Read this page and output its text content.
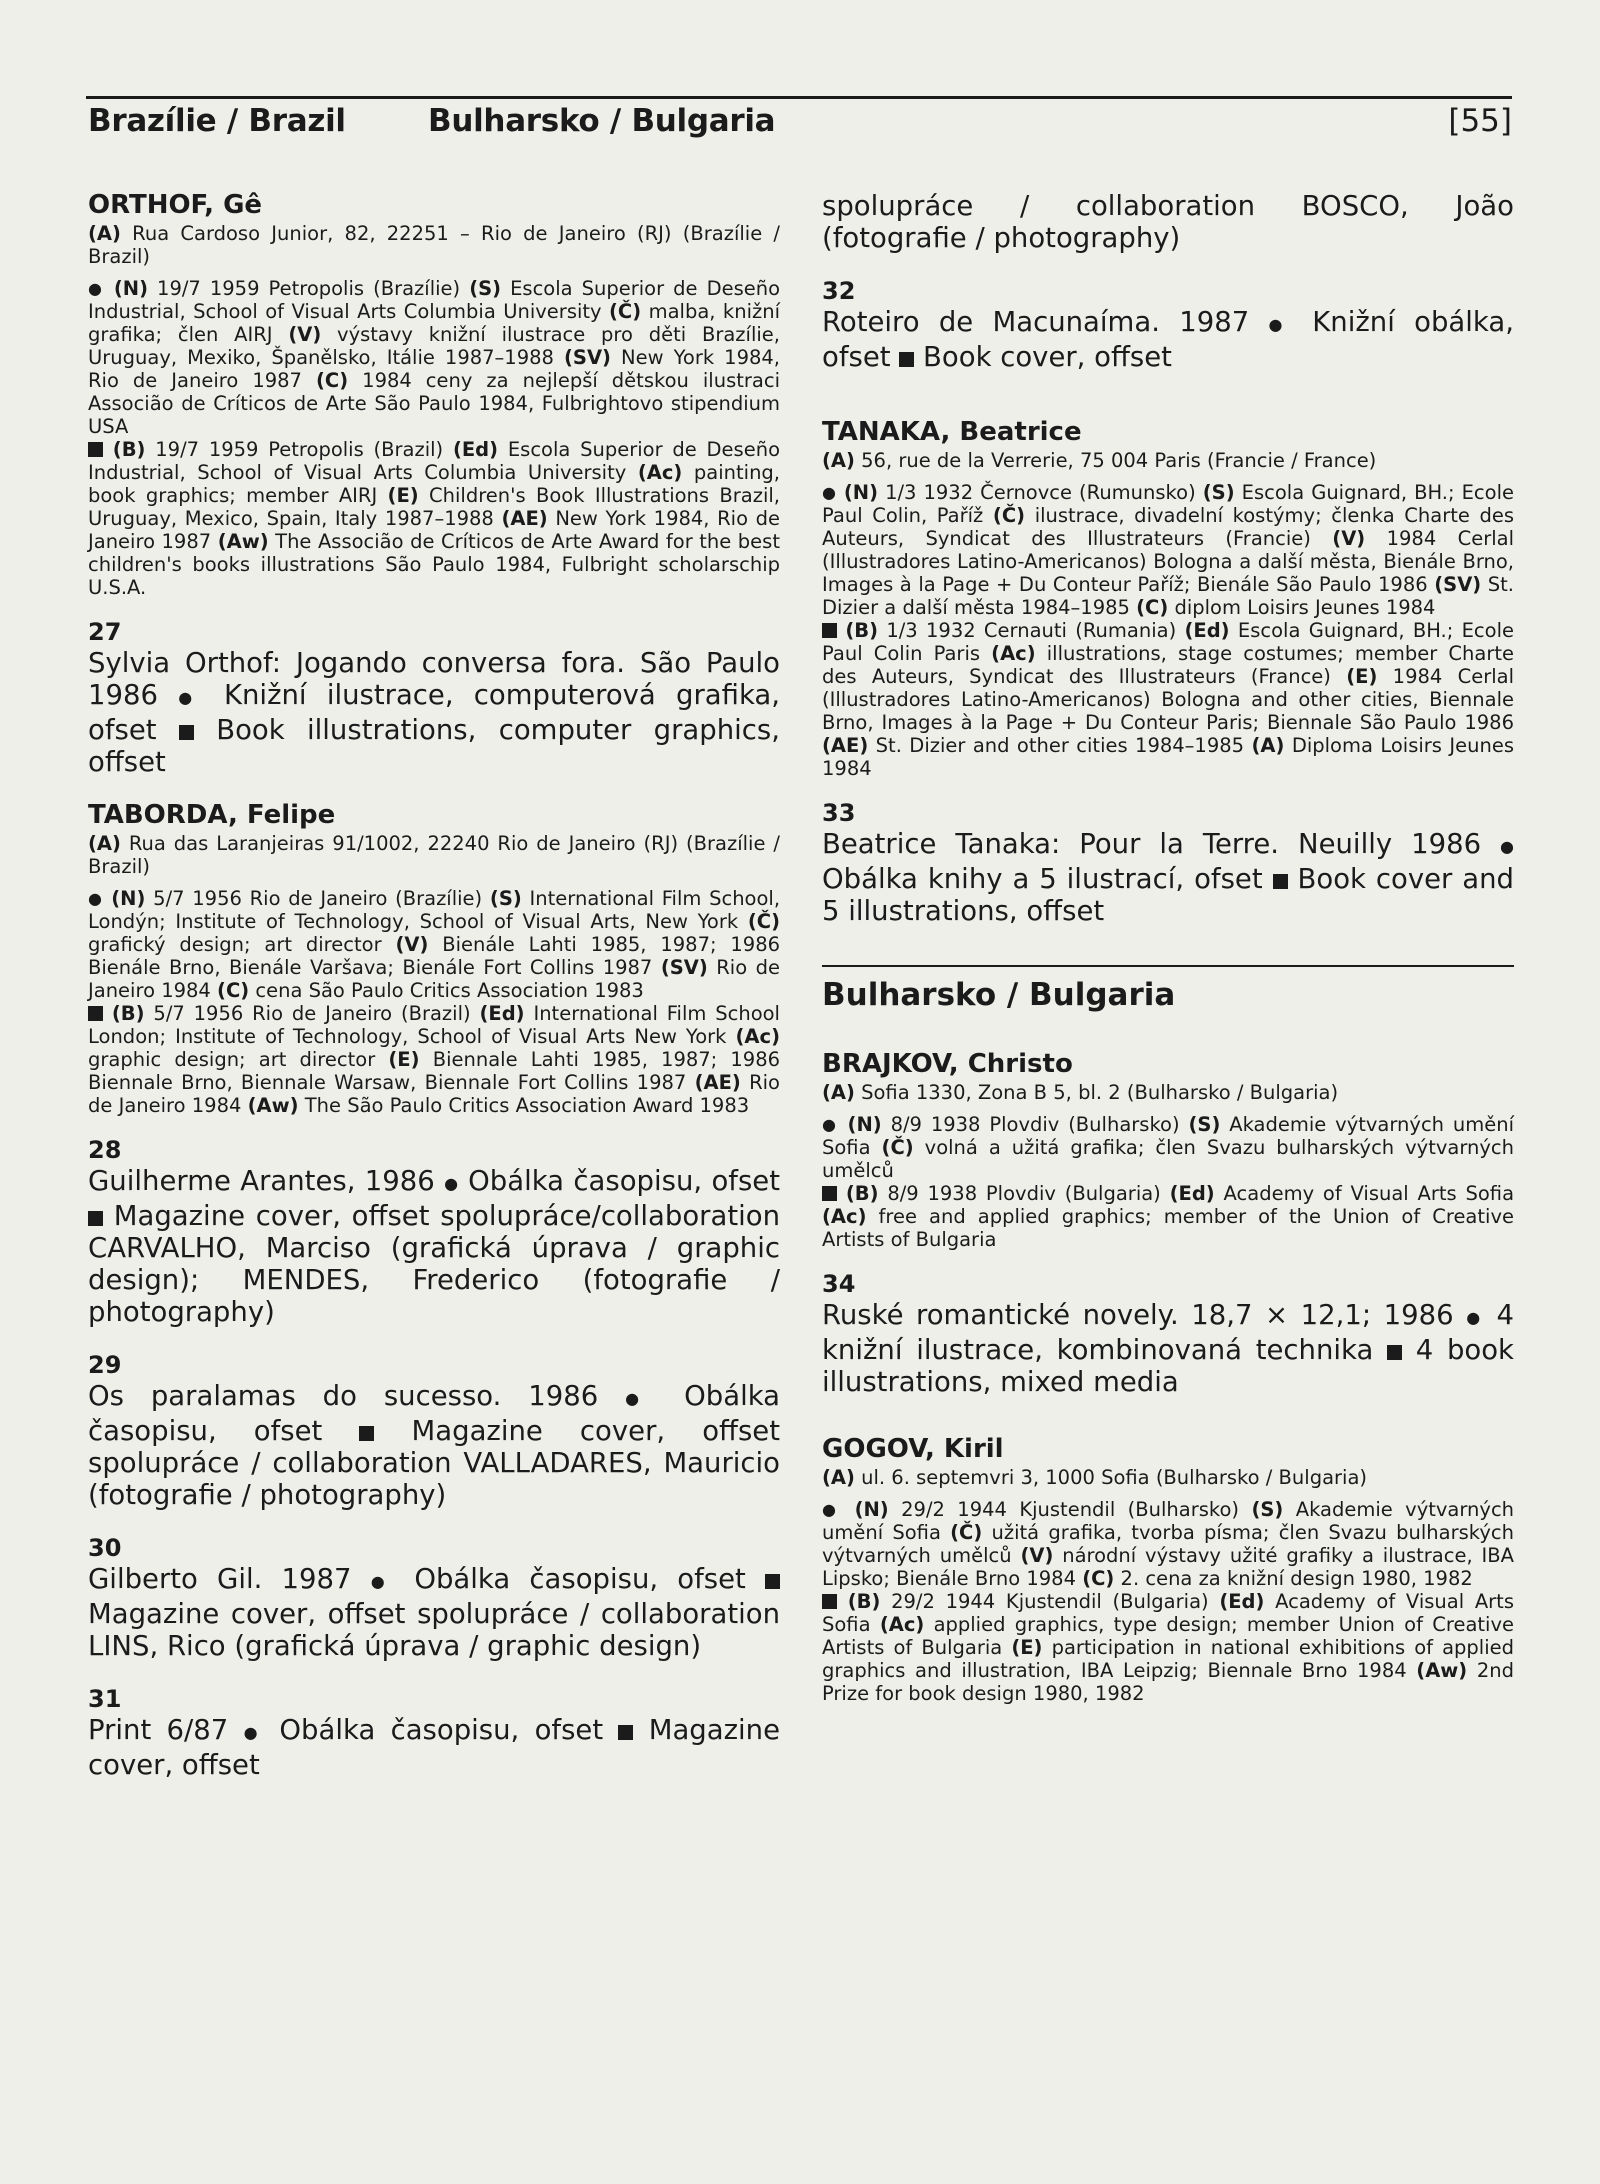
Brazílie / Brazil	Bulharsko / Bulgaria	[55]

ORTHOF, Gê

(A) Rua Cardoso Junior, 82, 22251 – Rio de Janeiro (RJ) (Brazílie / Brazil)

● (N) 19/7 1959 Petropolis (Brazílie) (S) Escola Superior de Deseño Industrial, School of Visual Arts Columbia University (Č) malba, knižní grafika; člen AIRJ (V) výstavy knižní ilustrace pro děti Brazílie, Uruguay, Mexiko, Španělsko, Itálie 1987–1988 (SV) New York 1984, Rio de Janeiro 1987 (C) 1984 ceny za nejlepší dětskou ilustraci Associão de Críticos de Arte São Paulo 1984, Fulbrightovo stipendium USA
(B) 19/7 1959 Petropolis (Brazil) (Ed) Escola Superior de Deseño Industrial, School of Visual Arts Columbia University (Ac) painting, book graphics; member AIRJ (E) Children's Book Illustrations Brazil, Uruguay, Mexico, Spain, Italy 1987–1988 (AE) New York 1984, Rio de Janeiro 1987 (Aw) The Associão de Críticos de Arte Award for the best children's books illustrations São Paulo 1984, Fulbright scholarschip U.S.A.

27

Sylvia Orthof: Jogando conversa fora. São Paulo 1986 ● Knižní ilustrace, computerová grafika, ofset Book illustrations, computer graphics, offset

TABORDA, Felipe

(A) Rua das Laranjeiras 91/1002, 22240 Rio de Janeiro (RJ) (Brazílie / Brazil)

● (N) 5/7 1956 Rio de Janeiro (Brazílie) (S) International Film School, Londýn; Institute of Technology, School of Visual Arts, New York (Č) grafický design; art director (V) Bienále Lahti 1985, 1987; 1986 Bienále Brno, Bienále Varšava; Bienále Fort Collins 1987 (SV) Rio de Janeiro 1984 (C) cena São Paulo Critics Association 1983
(B) 5/7 1956 Rio de Janeiro (Brazil) (Ed) International Film School London; Institute of Technology, School of Visual Arts New York (Ac) graphic design; art director (E) Biennale Lahti 1985, 1987; 1986 Biennale Brno, Biennale Warsaw, Biennale Fort Collins 1987 (AE) Rio de Janeiro 1984 (Aw) The São Paulo Critics Association Award 1983

28

Guilherme Arantes, 1986 ● Obálka časopisu, ofset  Magazine cover, offset spolupráce/collaboration CARVALHO, Marciso (grafická úprava / graphic design); MENDES, Frederico (fotografie / photography)

29

Os paralamas do sucesso. 1986 ● Obálka časopisu, ofset	Magazine cover, offset spolupráce / collaboration VALLADARES, Mauricio (fotografie / photography)

30

Gilberto Gil. 1987 ● Obálka časopisu, ofset  Magazine cover, offset spolupráce / collaboration LINS, Rico (grafická úprava / graphic design)

31

Print 6/87 ● Obálka časopisu, ofset Magazine cover, offset

spolupráce / collaboration BOSCO, João (fotografie / photography)

32

Roteiro de Macunaíma. 1987 ● Knižní obálka, ofset Book cover, offset

TANAKA, Beatrice

(A) 56, rue de la Verrerie, 75 004 Paris (Francie / France)

● (N) 1/3 1932 Černovce (Rumunsko) (S) Escola Guignard, BH.; Ecole Paul Colin, Paříž (Č) ilustrace, divadelní kostýmy; členka Charte des Auteurs, Syndicat des Illustrateurs (Francie) (V) 1984 Cerlal (Illustradores Latino-Americanos) Bologna a další města, Bienále Brno, Images à la Page + Du Conteur Paříž; Bienále São Paulo 1986 (SV) St. Dizier a další města 1984–1985 (C) diplom Loisirs Jeunes 1984
(B) 1/3 1932 Cernauti (Rumania) (Ed) Escola Guignard, BH.; Ecole Paul Colin Paris (Ac) illustrations, stage costumes; member Charte des Auteurs, Syndicat des Illustrateurs (France) (E) 1984 Cerlal (Illustradores Latino-Americanos) Bologna and other cities, Biennale Brno, Images à la Page + Du Conteur Paris; Biennale São Paulo 1986 (AE) St. Dizier and other cities 1984–1985 (A) Diploma Loisirs Jeunes 1984

33

Beatrice Tanaka: Pour la Terre. Neuilly 1986 ● Obálka knihy a 5 ilustrací, ofset Book cover and 5 illustrations, offset

Bulharsko / Bulgaria

BRAJKOV, Christo

(A) Sofia 1330, Zona B 5, bl. 2 (Bulharsko / Bulgaria)

● (N) 8/9 1938 Plovdiv (Bulharsko) (S) Akademie výtvarných umění Sofia (Č) volná a užitá grafika; člen Svazu bulharských výtvarných umělců
(B) 8/9 1938 Plovdiv (Bulgaria) (Ed) Academy of Visual Arts Sofia (Ac) free and applied graphics; member of the Union of Creative Artists of Bulgaria

34

Ruské romantické novely. 18,7 × 12,1; 1986 ● 4 knižní ilustrace, kombinovaná technika 4 book illustrations, mixed media

GOGOV, Kiril

(A) ul. 6. septemvri 3, 1000 Sofia (Bulharsko / Bulgaria)

● (N) 29/2 1944 Kjustendil (Bulharsko) (S) Akademie výtvarných umění Sofia (Č) užitá grafika, tvorba písma; člen Svazu bulharských výtvarných umělců (V) národní výstavy užité grafiky a ilustrace, IBA Lipsko; Bienále Brno 1984 (C) 2. cena za knižní design 1980, 1982
(B) 29/2 1944 Kjustendil (Bulgaria) (Ed) Academy of Visual Arts Sofia (Ac) applied graphics, type design; member Union of Creative Artists of Bulgaria (E) participation in national exhibitions of applied graphics and illustration, IBA Leipzig; Biennale Brno 1984 (Aw) 2nd Prize for book design 1980, 1982
